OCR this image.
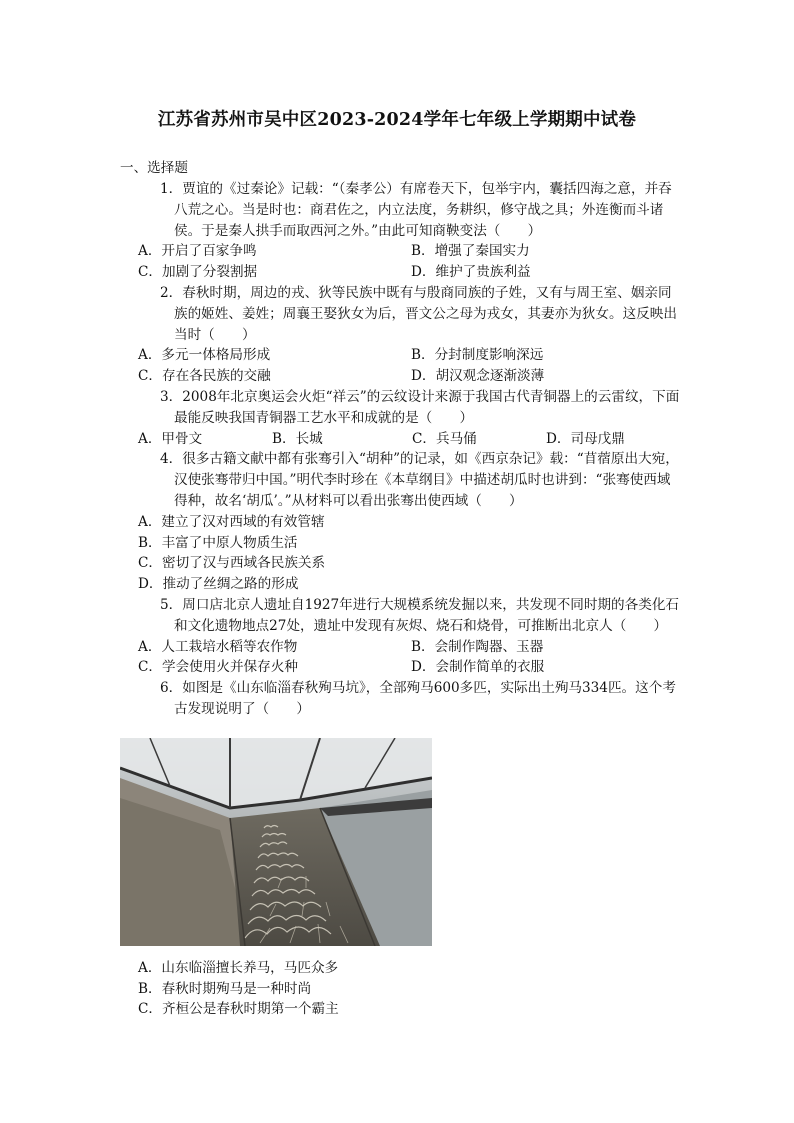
江苏省苏州市吴中区2023-2024学年七年级上学期期中试卷
一、选择题
1．贾谊的《过秦论》记载：“（秦孝公）有席卷天下，包举宇内，囊括四海之意，并吞八荒之心。当是时也：商君佐之，内立法度，务耕织，修守战之具；外连衡而斗诸侯。于是秦人拱手而取西河之外。”由此可知商鞅变法（　　）
A．开启了百家争鸣	B．增强了秦国实力
C．加剧了分裂割据	D．维护了贵族利益
2．春秋时期，周边的戎、狄等民族中既有与殷商同族的子姓，又有与周王室、姻亲同族的姬姓、姜姓；周襄王娶狄女为后，晋文公之母为戎女，其妻亦为狄女。这反映出当时（　　）
A．多元一体格局形成	B．分封制度影响深远
C．存在各民族的交融	D．胡汉观念逐渐淡薄
3．2008年北京奥运会火炬“祥云”的云纹设计来源于我国古代青铜器上的云雷纹，下面最能反映我国青铜器工艺水平和成就的是（　　）
A．甲骨文	B．长城	C．兵马俑	D．司母戊鼎
4．很多古籍文献中都有张骞引入“胡种”的记录，如《西京杂记》载：“苜蓿原出大宛，汉使张骞带归中国。”明代李时珍在《本草纲目》中描述胡瓜时也讲到：“张骞使西域得种，故名‘胡瓜’。”从材料可以看出张骞出使西域（　　）
A．建立了汉对西域的有效管辖
B．丰富了中原人物质生活
C．密切了汉与西域各民族关系
D．推动了丝绸之路的形成
5．周口店北京人遗址自1927年进行大规模系统发掘以来，共发现不同时期的各类化石和文化遗物地点27处，遗址中发现有灰烬、烧石和烧骨，可推断出北京人（　　）
A．人工栽培水稻等农作物	B．会制作陶器、玉器
C．学会使用火并保存火种	D．会制作简单的衣服
6．如图是《山东临淄春秋殉马坑》，全部殉马600多匹，实际出土殉马334匹。这个考古发现说明了（　　）
A．山东临淄擅长养马，马匹众多
B．春秋时期殉马是一种时尚
C．齐桓公是春秋时期第一个霸主
